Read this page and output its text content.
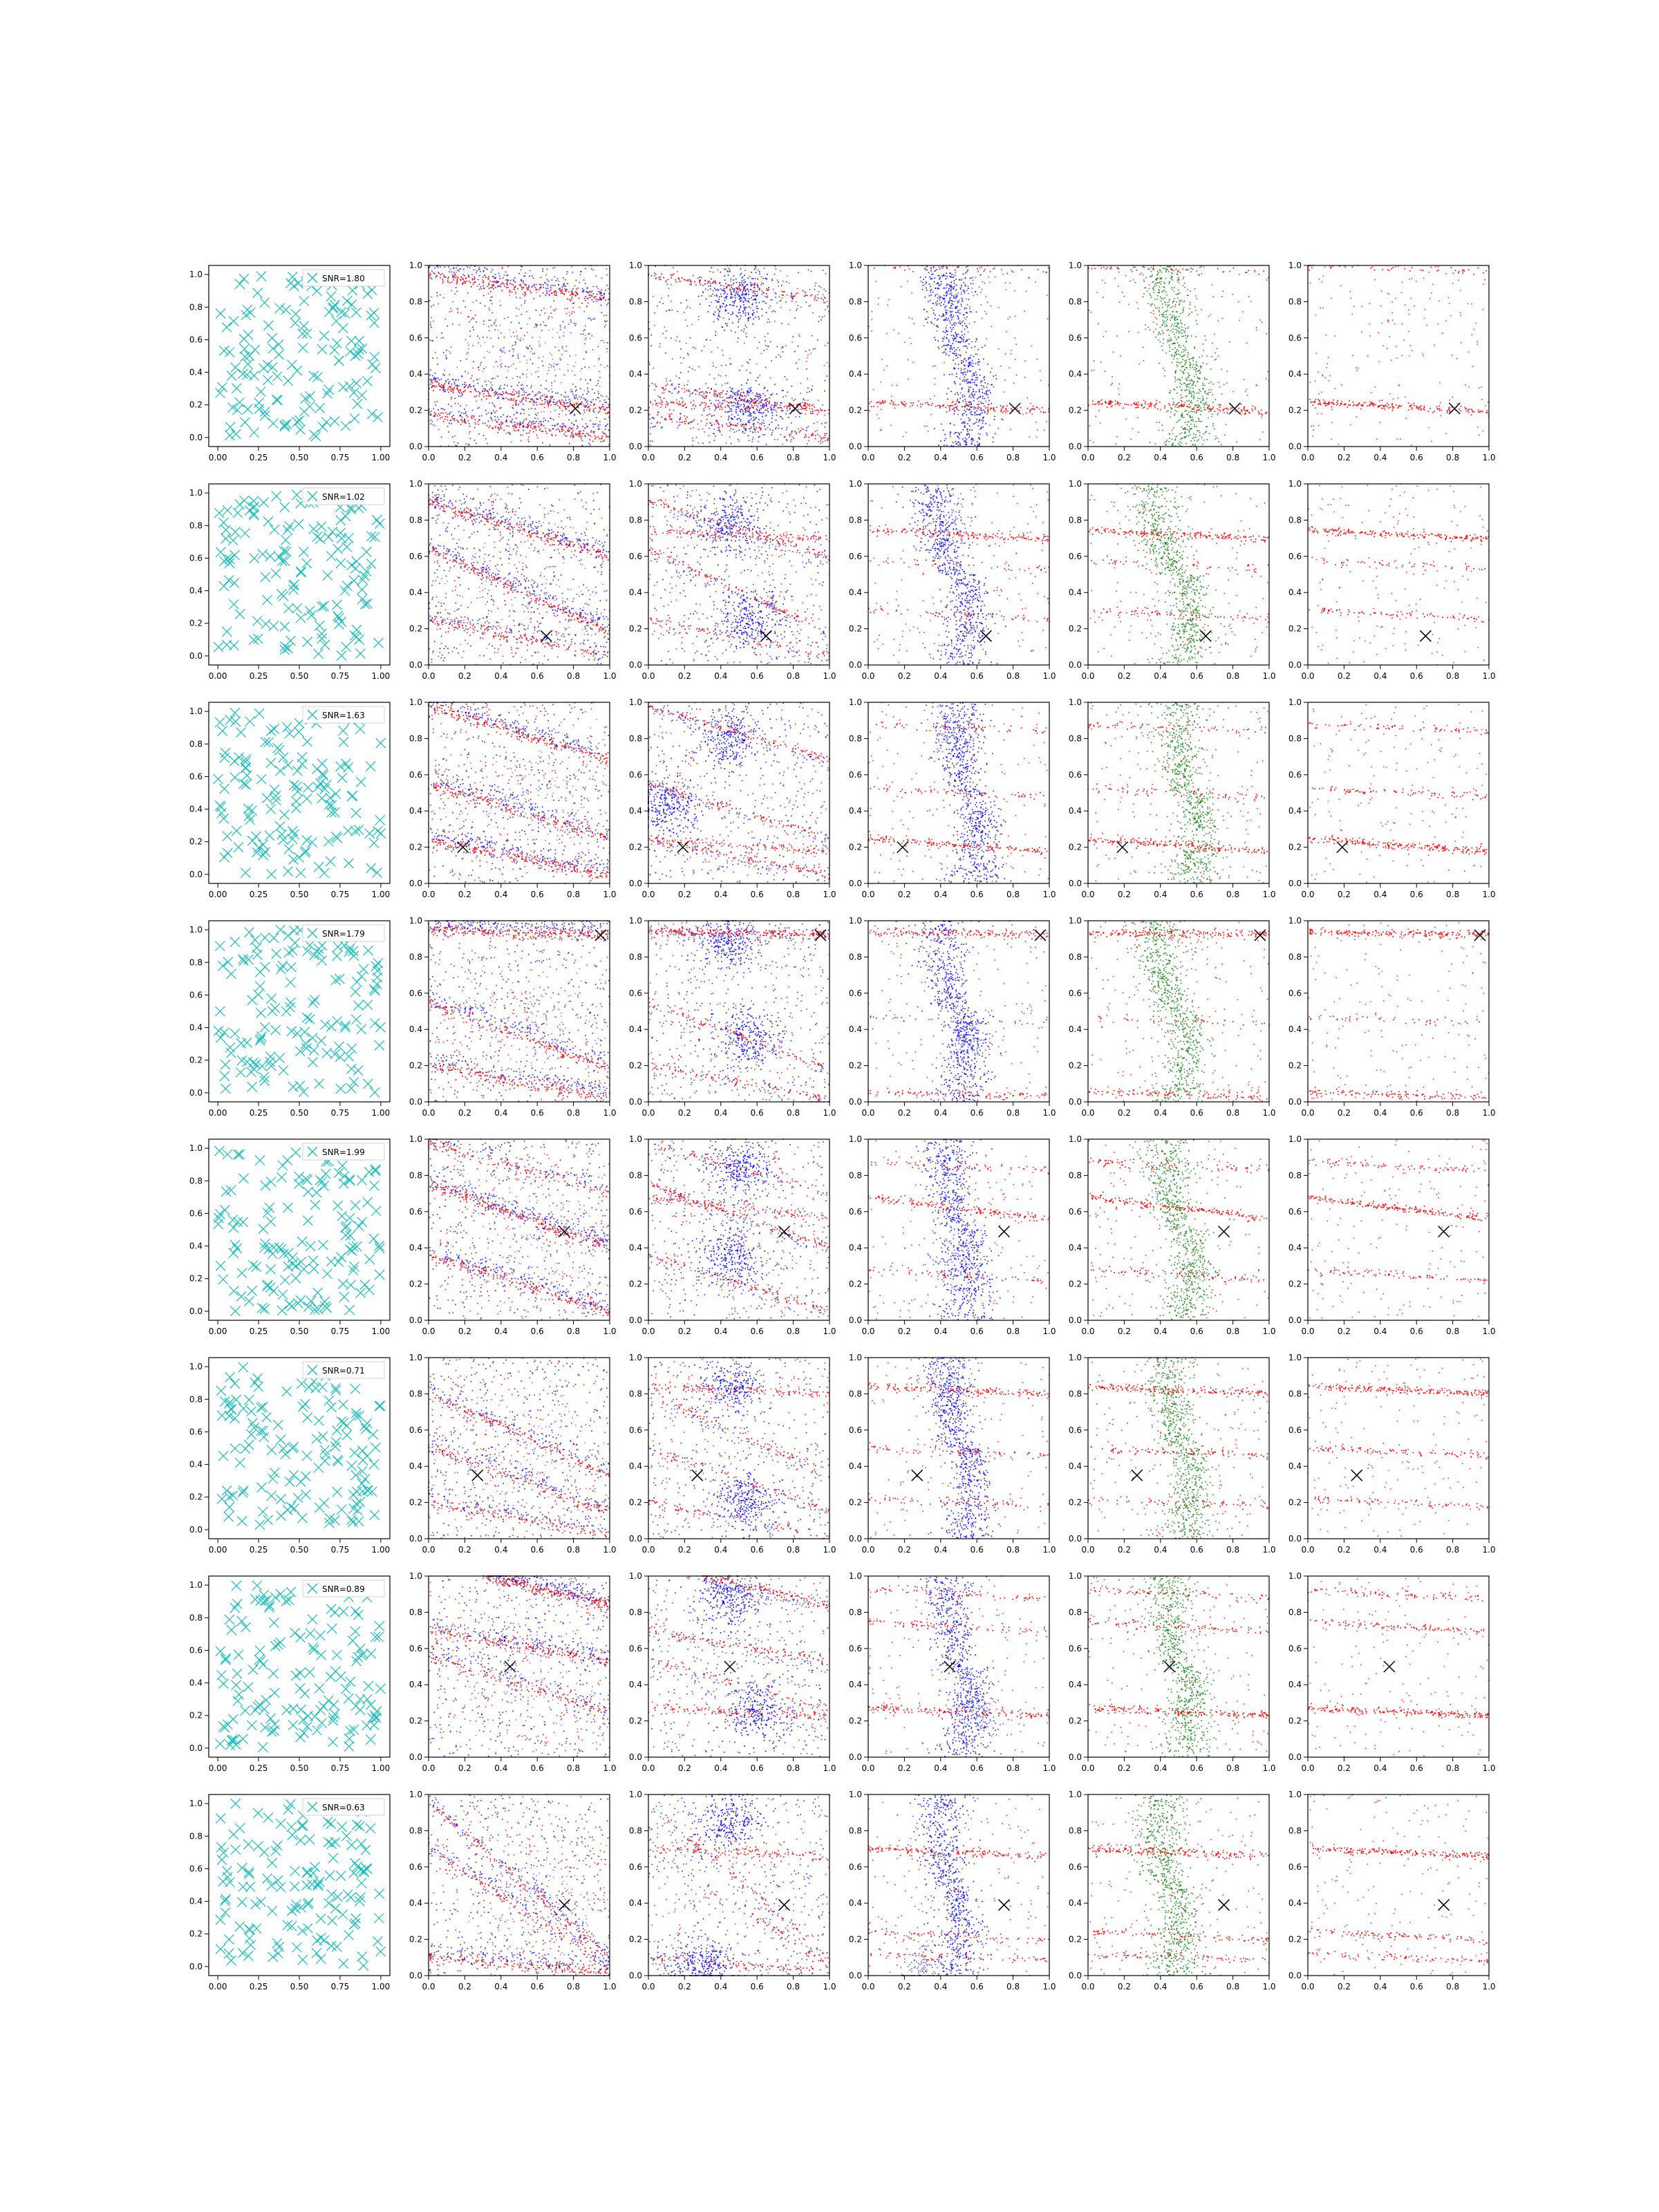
SNR=1.80
0.00	0.25	0.50	0.75	1.00
0.0
0.2
0.4
0.6
0.8
1.0
0.0	0.2	0.4	0.6	0.8	1.0
0.0
0.2
0.4
0.6
0.8
1.0
0.0	0.2	0.4	0.6	0.8	1.0
0.0
0.2
0.4
0.6
0.8
1.0
0.0	0.2	0.4	0.6	0.8	1.0
0.0
0.2
0.4
0.6
0.8
1.0
0.0	0.2	0.4	0.6	0.8	1.0
0.0
0.2
0.4
0.6
0.8
1.0
0.0	0.2	0.4	0.6	0.8	1.0
0.0
0.2
0.4
0.6
0.8
1.0
SNR=1.02
0.00	0.25	0.50	0.75	1.00
0.0
0.2
0.4
0.6
0.8
1.0
0.0	0.2	0.4	0.6	0.8	1.0
0.0
0.2
0.4
0.6
0.8
1.0
0.0	0.2	0.4	0.6	0.8	1.0
0.0
0.2
0.4
0.6
0.8
1.0
0.0	0.2	0.4	0.6	0.8	1.0
0.0
0.2
0.4
0.6
0.8
1.0
0.0	0.2	0.4	0.6	0.8	1.0
0.0
0.2
0.4
0.6
0.8
1.0
0.0	0.2	0.4	0.6	0.8	1.0
0.0
0.2
0.4
0.6
0.8
1.0
SNR=1.63
0.00	0.25	0.50	0.75	1.00
0.0
0.2
0.4
0.6
0.8
1.0
0.0	0.2	0.4	0.6	0.8	1.0
0.0
0.2
0.4
0.6
0.8
1.0
0.0	0.2	0.4	0.6	0.8	1.0
0.0
0.2
0.4
0.6
0.8
1.0
0.0	0.2	0.4	0.6	0.8	1.0
0.0
0.2
0.4
0.6
0.8
1.0
0.0	0.2	0.4	0.6	0.8	1.0
0.0
0.2
0.4
0.6
0.8
1.0
0.0	0.2	0.4	0.6	0.8	1.0
0.0
0.2
0.4
0.6
0.8
1.0
SNR=1.79
0.00	0.25	0.50	0.75	1.00
0.0
0.2
0.4
0.6
0.8
1.0
0.0	0.2	0.4	0.6	0.8	1.0
0.0
0.2
0.4
0.6
0.8
1.0
0.0	0.2	0.4	0.6	0.8	1.0
0.0
0.2
0.4
0.6
0.8
1.0
0.0	0.2	0.4	0.6	0.8	1.0
0.0
0.2
0.4
0.6
0.8
1.0
0.0	0.2	0.4	0.6	0.8	1.0
0.0
0.2
0.4
0.6
0.8
1.0
0.0	0.2	0.4	0.6	0.8	1.0
0.0
0.2
0.4
0.6
0.8
1.0
SNR=1.99
0.00	0.25	0.50	0.75	1.00
0.0
0.2
0.4
0.6
0.8
1.0
0.0	0.2	0.4	0.6	0.8	1.0
0.0
0.2
0.4
0.6
0.8
1.0
0.0	0.2	0.4	0.6	0.8	1.0
0.0
0.2
0.4
0.6
0.8
1.0
0.0	0.2	0.4	0.6	0.8	1.0
0.0
0.2
0.4
0.6
0.8
1.0
0.0	0.2	0.4	0.6	0.8	1.0
0.0
0.2
0.4
0.6
0.8
1.0
0.0	0.2	0.4	0.6	0.8	1.0
0.0
0.2
0.4
0.6
0.8
1.0
SNR=0.71
0.00	0.25	0.50	0.75	1.00
0.0
0.2
0.4
0.6
0.8
1.0
0.0	0.2	0.4	0.6	0.8	1.0
0.0
0.2
0.4
0.6
0.8
1.0
0.0	0.2	0.4	0.6	0.8	1.0
0.0
0.2
0.4
0.6
0.8
1.0
0.0	0.2	0.4	0.6	0.8	1.0
0.0
0.2
0.4
0.6
0.8
1.0
0.0	0.2	0.4	0.6	0.8	1.0
0.0
0.2
0.4
0.6
0.8
1.0
0.0	0.2	0.4	0.6	0.8	1.0
0.0
0.2
0.4
0.6
0.8
1.0
SNR=0.89
0.00	0.25	0.50	0.75	1.00
0.0
0.2
0.4
0.6
0.8
1.0
0.0	0.2	0.4	0.6	0.8	1.0
0.0
0.2
0.4
0.6
0.8
1.0
0.0	0.2	0.4	0.6	0.8	1.0
0.0
0.2
0.4
0.6
0.8
1.0
0.0	0.2	0.4	0.6	0.8	1.0
0.0
0.2
0.4
0.6
0.8
1.0
0.0	0.2	0.4	0.6	0.8	1.0
0.0
0.2
0.4
0.6
0.8
1.0
0.0	0.2	0.4	0.6	0.8	1.0
0.0
0.2
0.4
0.6
0.8
1.0
SNR=0.63
0.00	0.25	0.50	0.75	1.00
0.0
0.2
0.4
0.6
0.8
1.0
0.0	0.2	0.4	0.6	0.8	1.0
0.0
0.2
0.4
0.6
0.8
1.0
0.0	0.2	0.4	0.6	0.8	1.0
0.0
0.2
0.4
0.6
0.8
1.0
0.0	0.2	0.4	0.6	0.8	1.0
0.0
0.2
0.4
0.6
0.8
1.0
0.0	0.2	0.4	0.6	0.8	1.0
0.0
0.2
0.4
0.6
0.8
1.0
0.0	0.2	0.4	0.6	0.8	1.0
0.0
0.2
0.4
0.6
0.8
1.0
